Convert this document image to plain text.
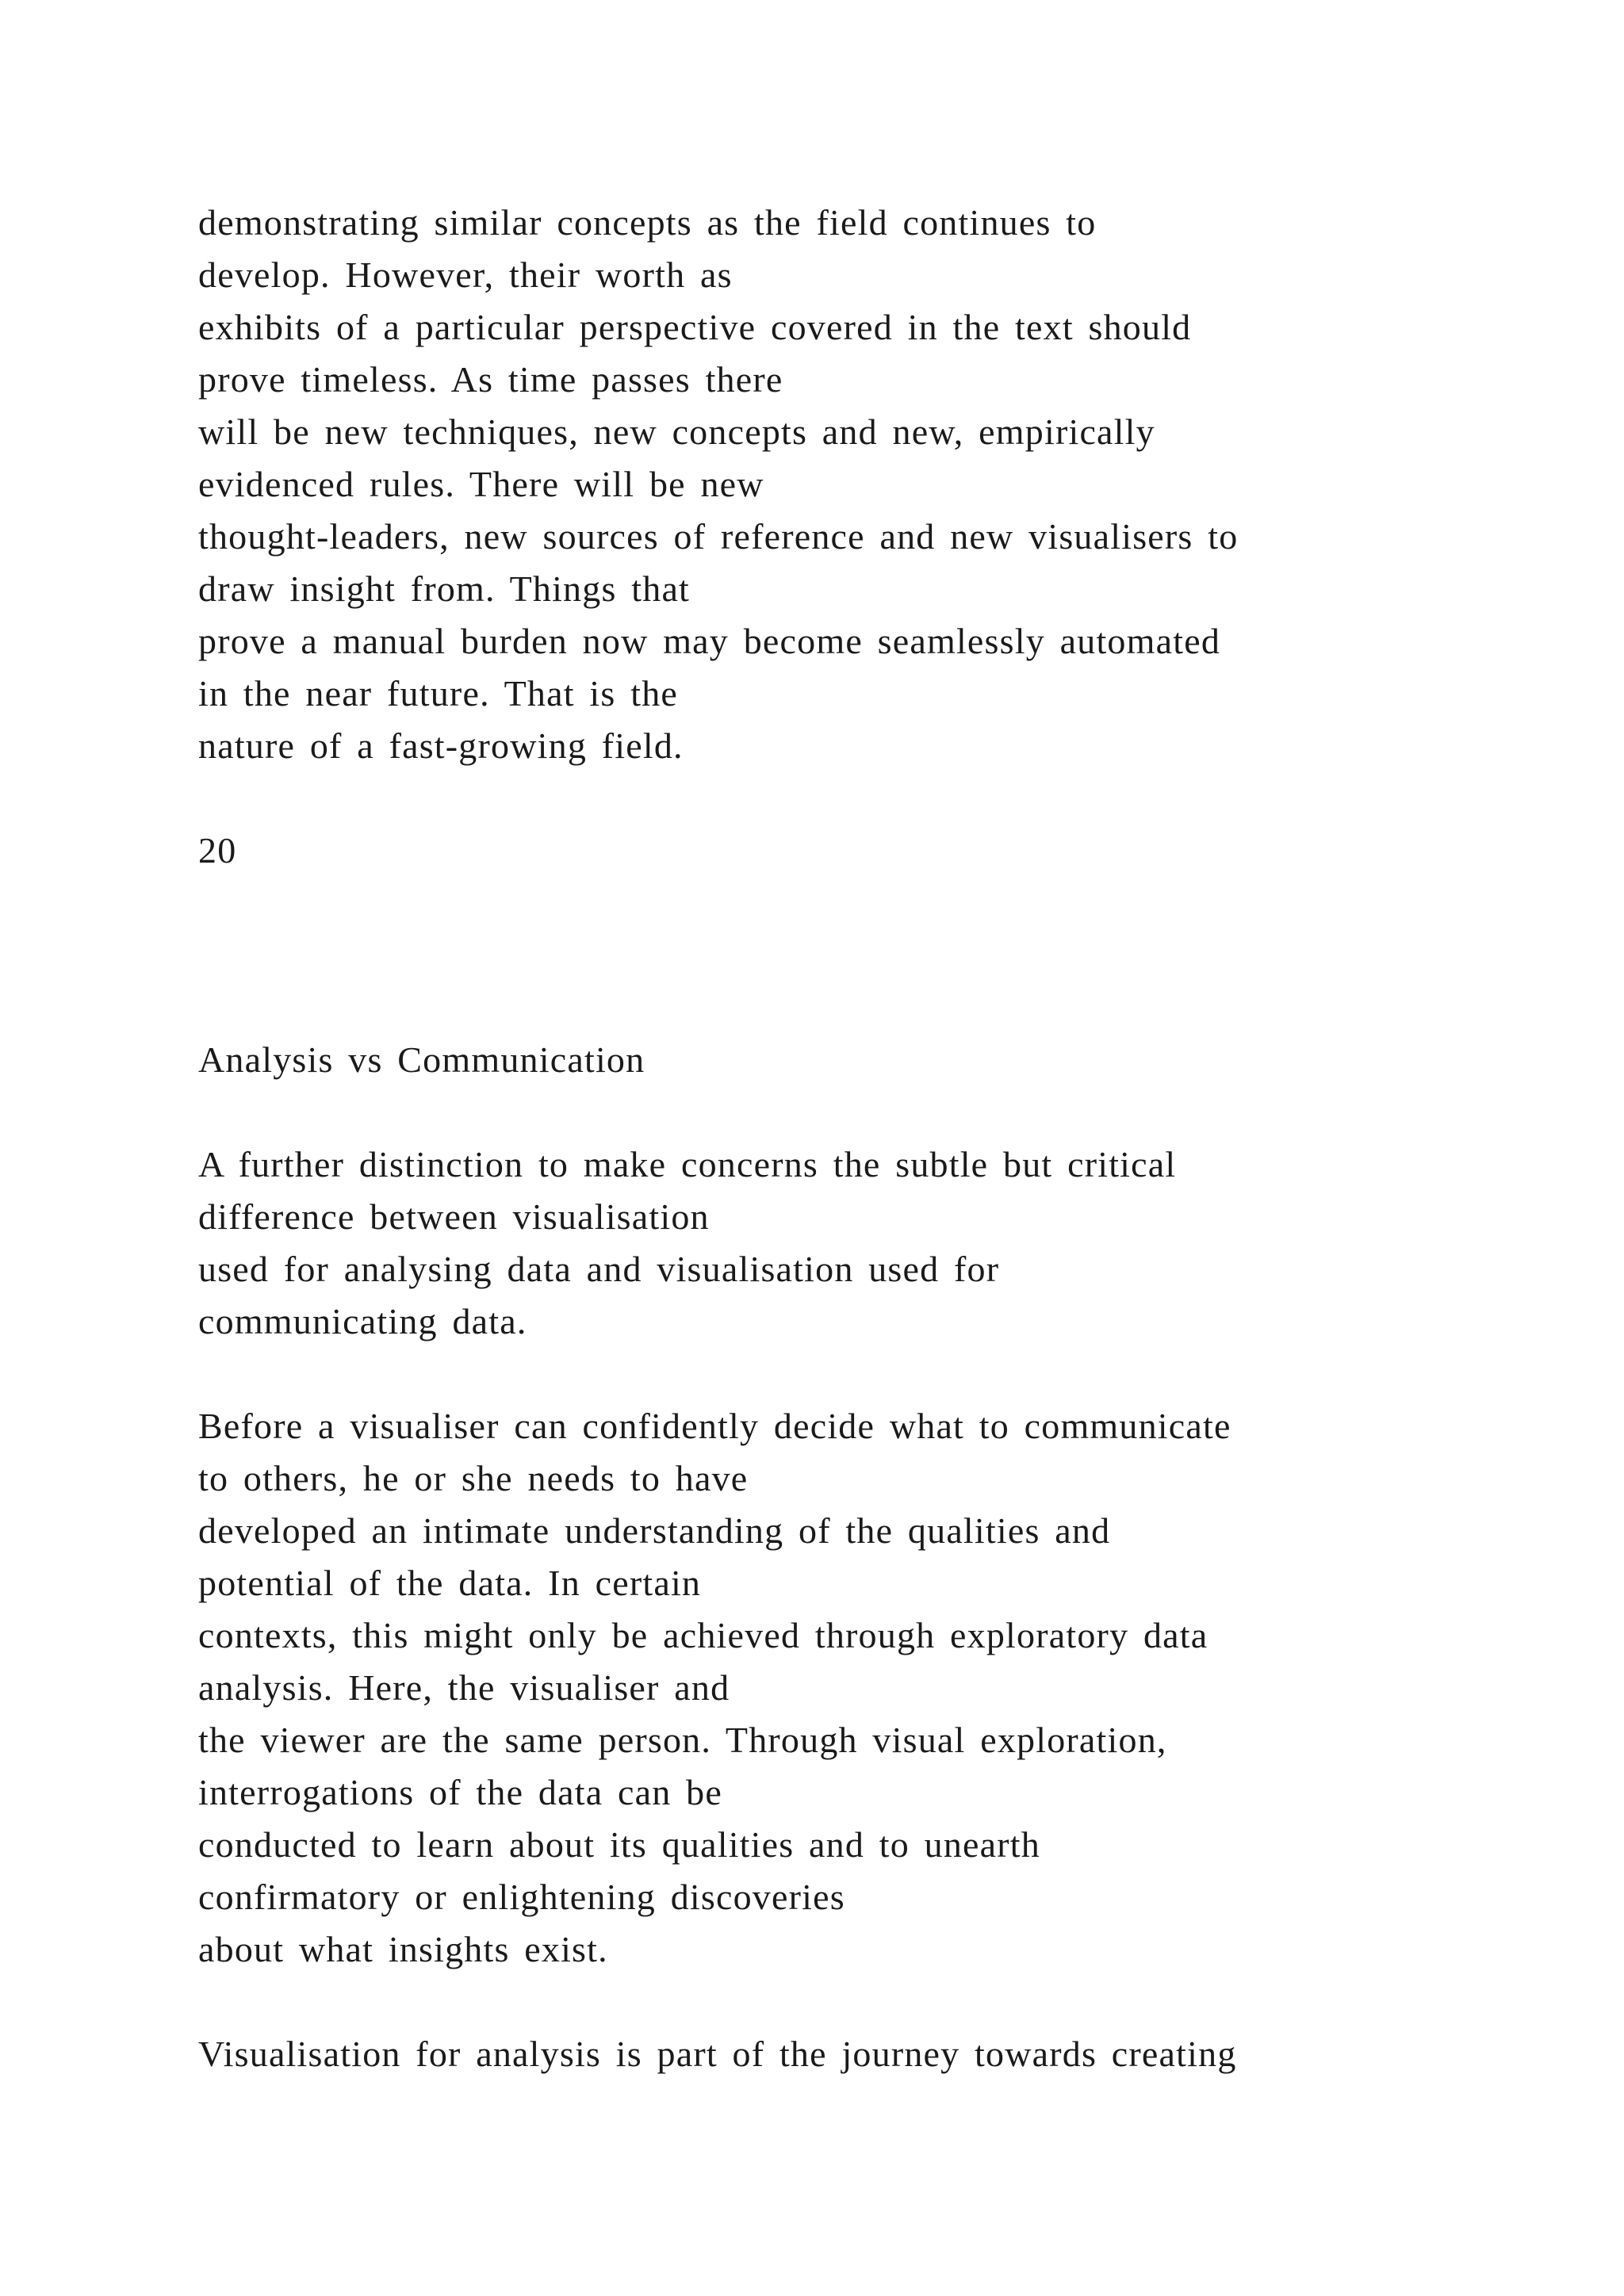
demonstrating similar concepts as the field continues to
develop. However, their worth as
exhibits of a particular perspective covered in the text should
prove timeless. As time passes there
will be new techniques, new concepts and new, empirically
evidenced rules. There will be new
thought-leaders, new sources of reference and new visualisers to
draw insight from. Things that
prove a manual burden now may become seamlessly automated
in the near future. That is the
nature of a fast-growing field.
20
Analysis vs Communication
A further distinction to make concerns the subtle but critical
difference between visualisation
used for analysing data and visualisation used for
communicating data.
Before a visualiser can confidently decide what to communicate
to others, he or she needs to have
developed an intimate understanding of the qualities and
potential of the data. In certain
contexts, this might only be achieved through exploratory data
analysis. Here, the visualiser and
the viewer are the same person. Through visual exploration,
interrogations of the data can be
conducted to learn about its qualities and to unearth
confirmatory or enlightening discoveries
about what insights exist.
Visualisation for analysis is part of the journey towards creating
